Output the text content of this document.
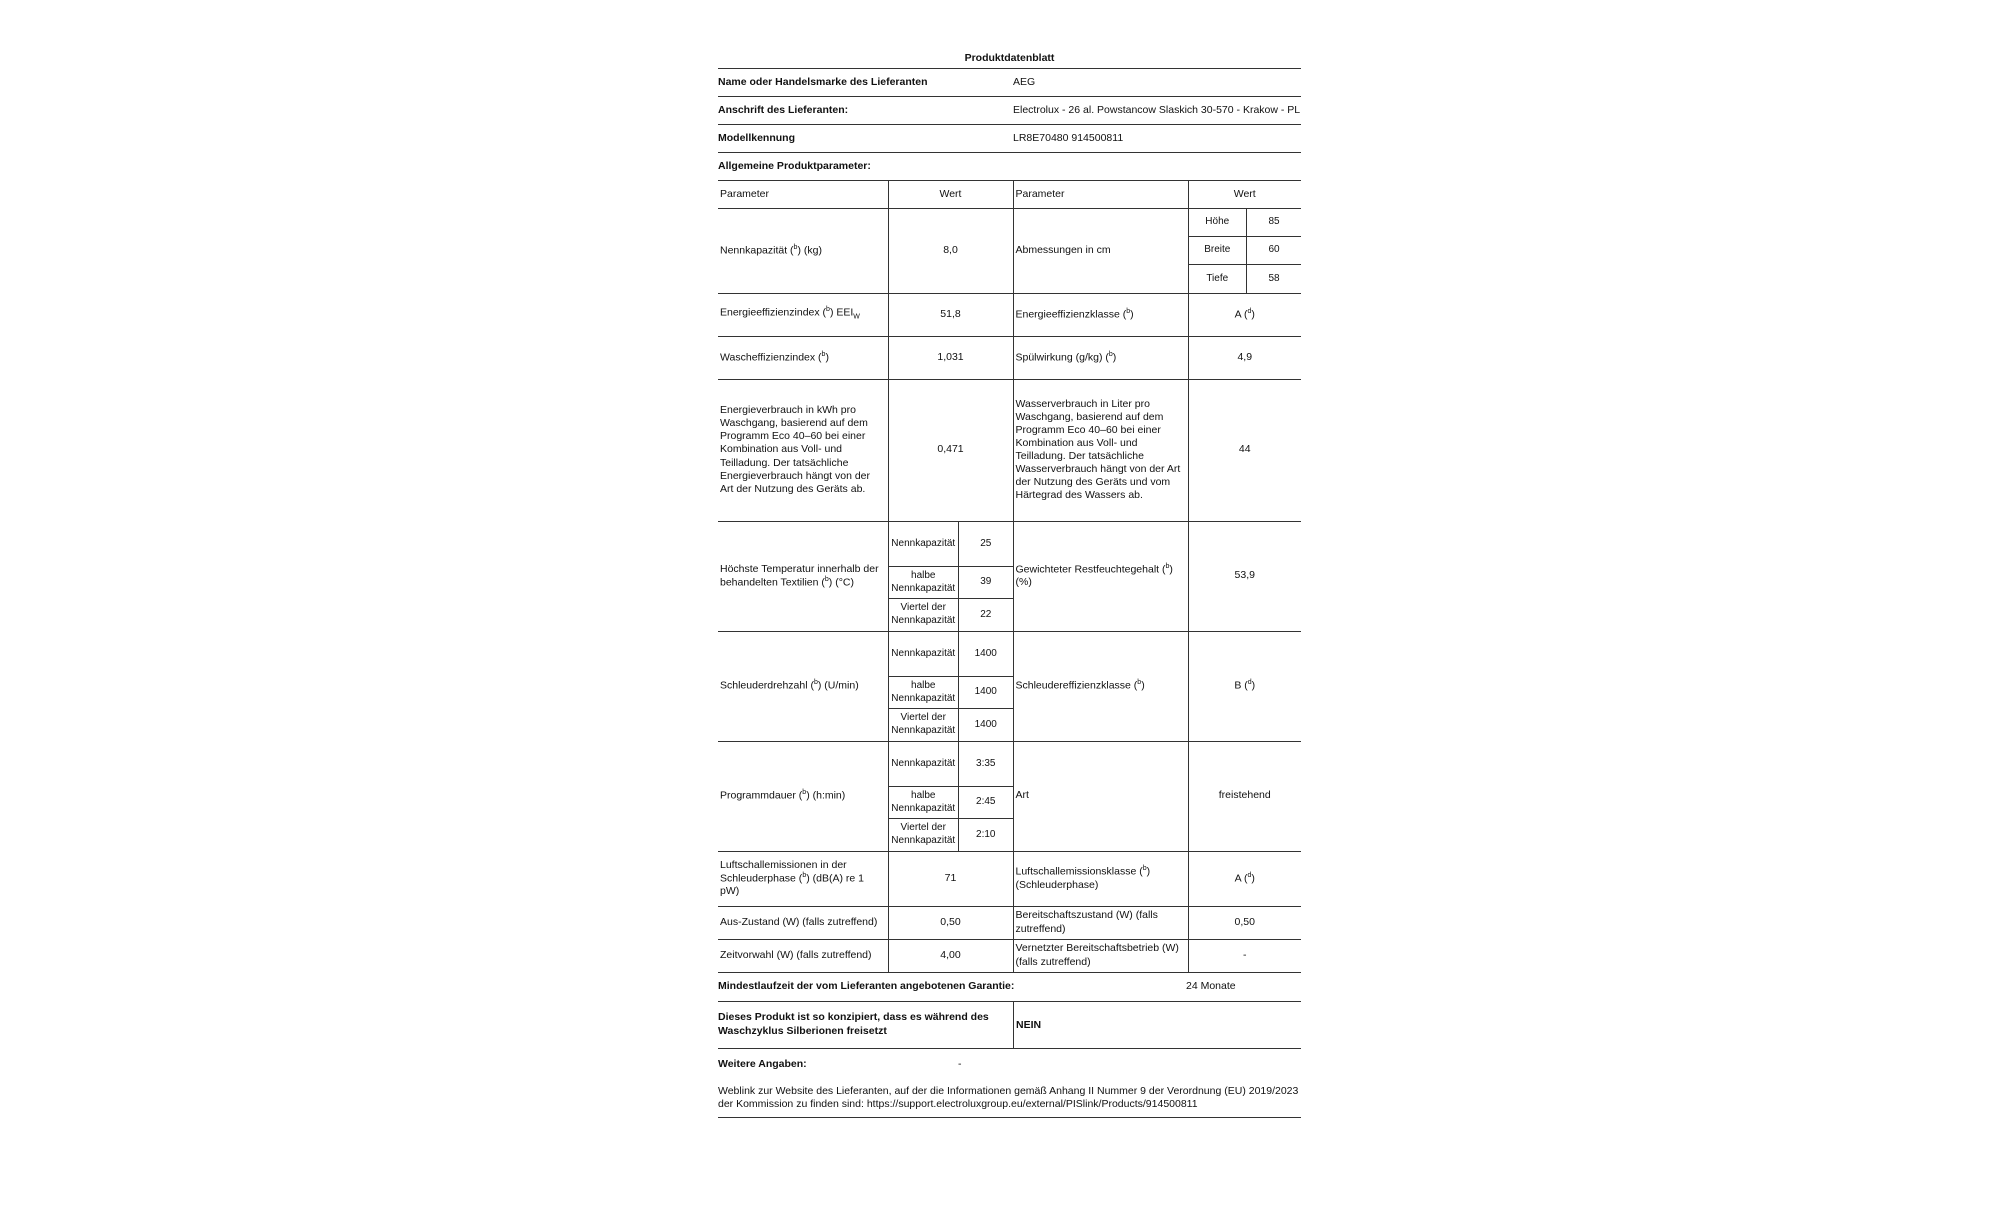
Produktdatenblatt
Name oder Handelsmarke des Lieferanten	AEG
Anschrift des Lieferanten:	Electrolux - 26 al. Powstancow Slaskich 30-570 - Krakow - PL
Modellkennung	LR8E70480 914500811
Allgemeine Produktparameter:
Parameter	Wert	Parameter	Wert
Nennkapazität ($^b$) (kg)	8,0	Abmessungen in cm	
Höhe	85
Breite	60
Tiefe	58

Energieeffizienzindex ($^b$) $EEI_W$	51,8	Energieeffizienzklasse ($^b$)	A ($^d$)
Wascheffizienzindex ($^b$)	1,031	Spülwirkung (g/kg) ($^b$)	4,9
Energieverbrauch in kWh pro Waschgang, basierend auf dem Programm Eco 40–60 bei einer Kombination aus Voll- und Teilladung. Der tatsächliche Energieverbrauch hängt von der Art der Nutzung des Geräts ab.	0,471	Wasserverbrauch in Liter pro Waschgang, basierend auf dem Programm Eco 40–60 bei einer Kombination aus Voll- und Teilladung. Der tatsächliche Wasserverbrauch hängt von der Art der Nutzung des Geräts und vom Härtegrad des Wassers ab.	44
Höchste Temperatur innerhalb der behandelten Textilien ($^b$) (°C)	
Nennkapazität	25
halbe Nennkapazität	39
Viertel der Nennkapazität	22
	Gewichteter Restfeuchtegehalt ($^b$) (%)	53,9
Schleuderdrehzahl ($^b$) (U/min)	
Nennkapazität	1400
halbe Nennkapazität	1400
Viertel der Nennkapazität	1400
	Schleudereffizienzklasse ($^b$)	B ($^d$)
Programmdauer ($^b$) (h:min)	
Nennkapazität	3:35
halbe Nennkapazität	2:45
Viertel der Nennkapazität	2:10
	Art	freistehend
Luftschallemissionen in der Schleuderphase ($^b$) (dB(A) re 1 pW)	71	Luftschallemissionsklasse ($^b$) (Schleuderphase)	A ($^d$)
Aus-Zustand (W) (falls zutreffend)	0,50	Bereitschaftszustand (W) (falls zutreffend)	0,50
Zeitvorwahl (W) (falls zutreffend)	4,00	Vernetzter Bereitschaftsbetrieb (W) (falls zutreffend)	-
Mindestlaufzeit der vom Lieferanten angebotenen Garantie:	24 Monate
Dieses Produkt ist so konzipiert, dass es während des Waschzyklus Silberionen freisetzt	NEIN
Weitere Angaben:	-
Weblink zur Website des Lieferanten, auf der die Informationen gemäß Anhang II Nummer 9 der Verordnung (EU) 2019/2023 der Kommission zu finden sind: https://support.electroluxgroup.eu/external/PISlink/Products/914500811
